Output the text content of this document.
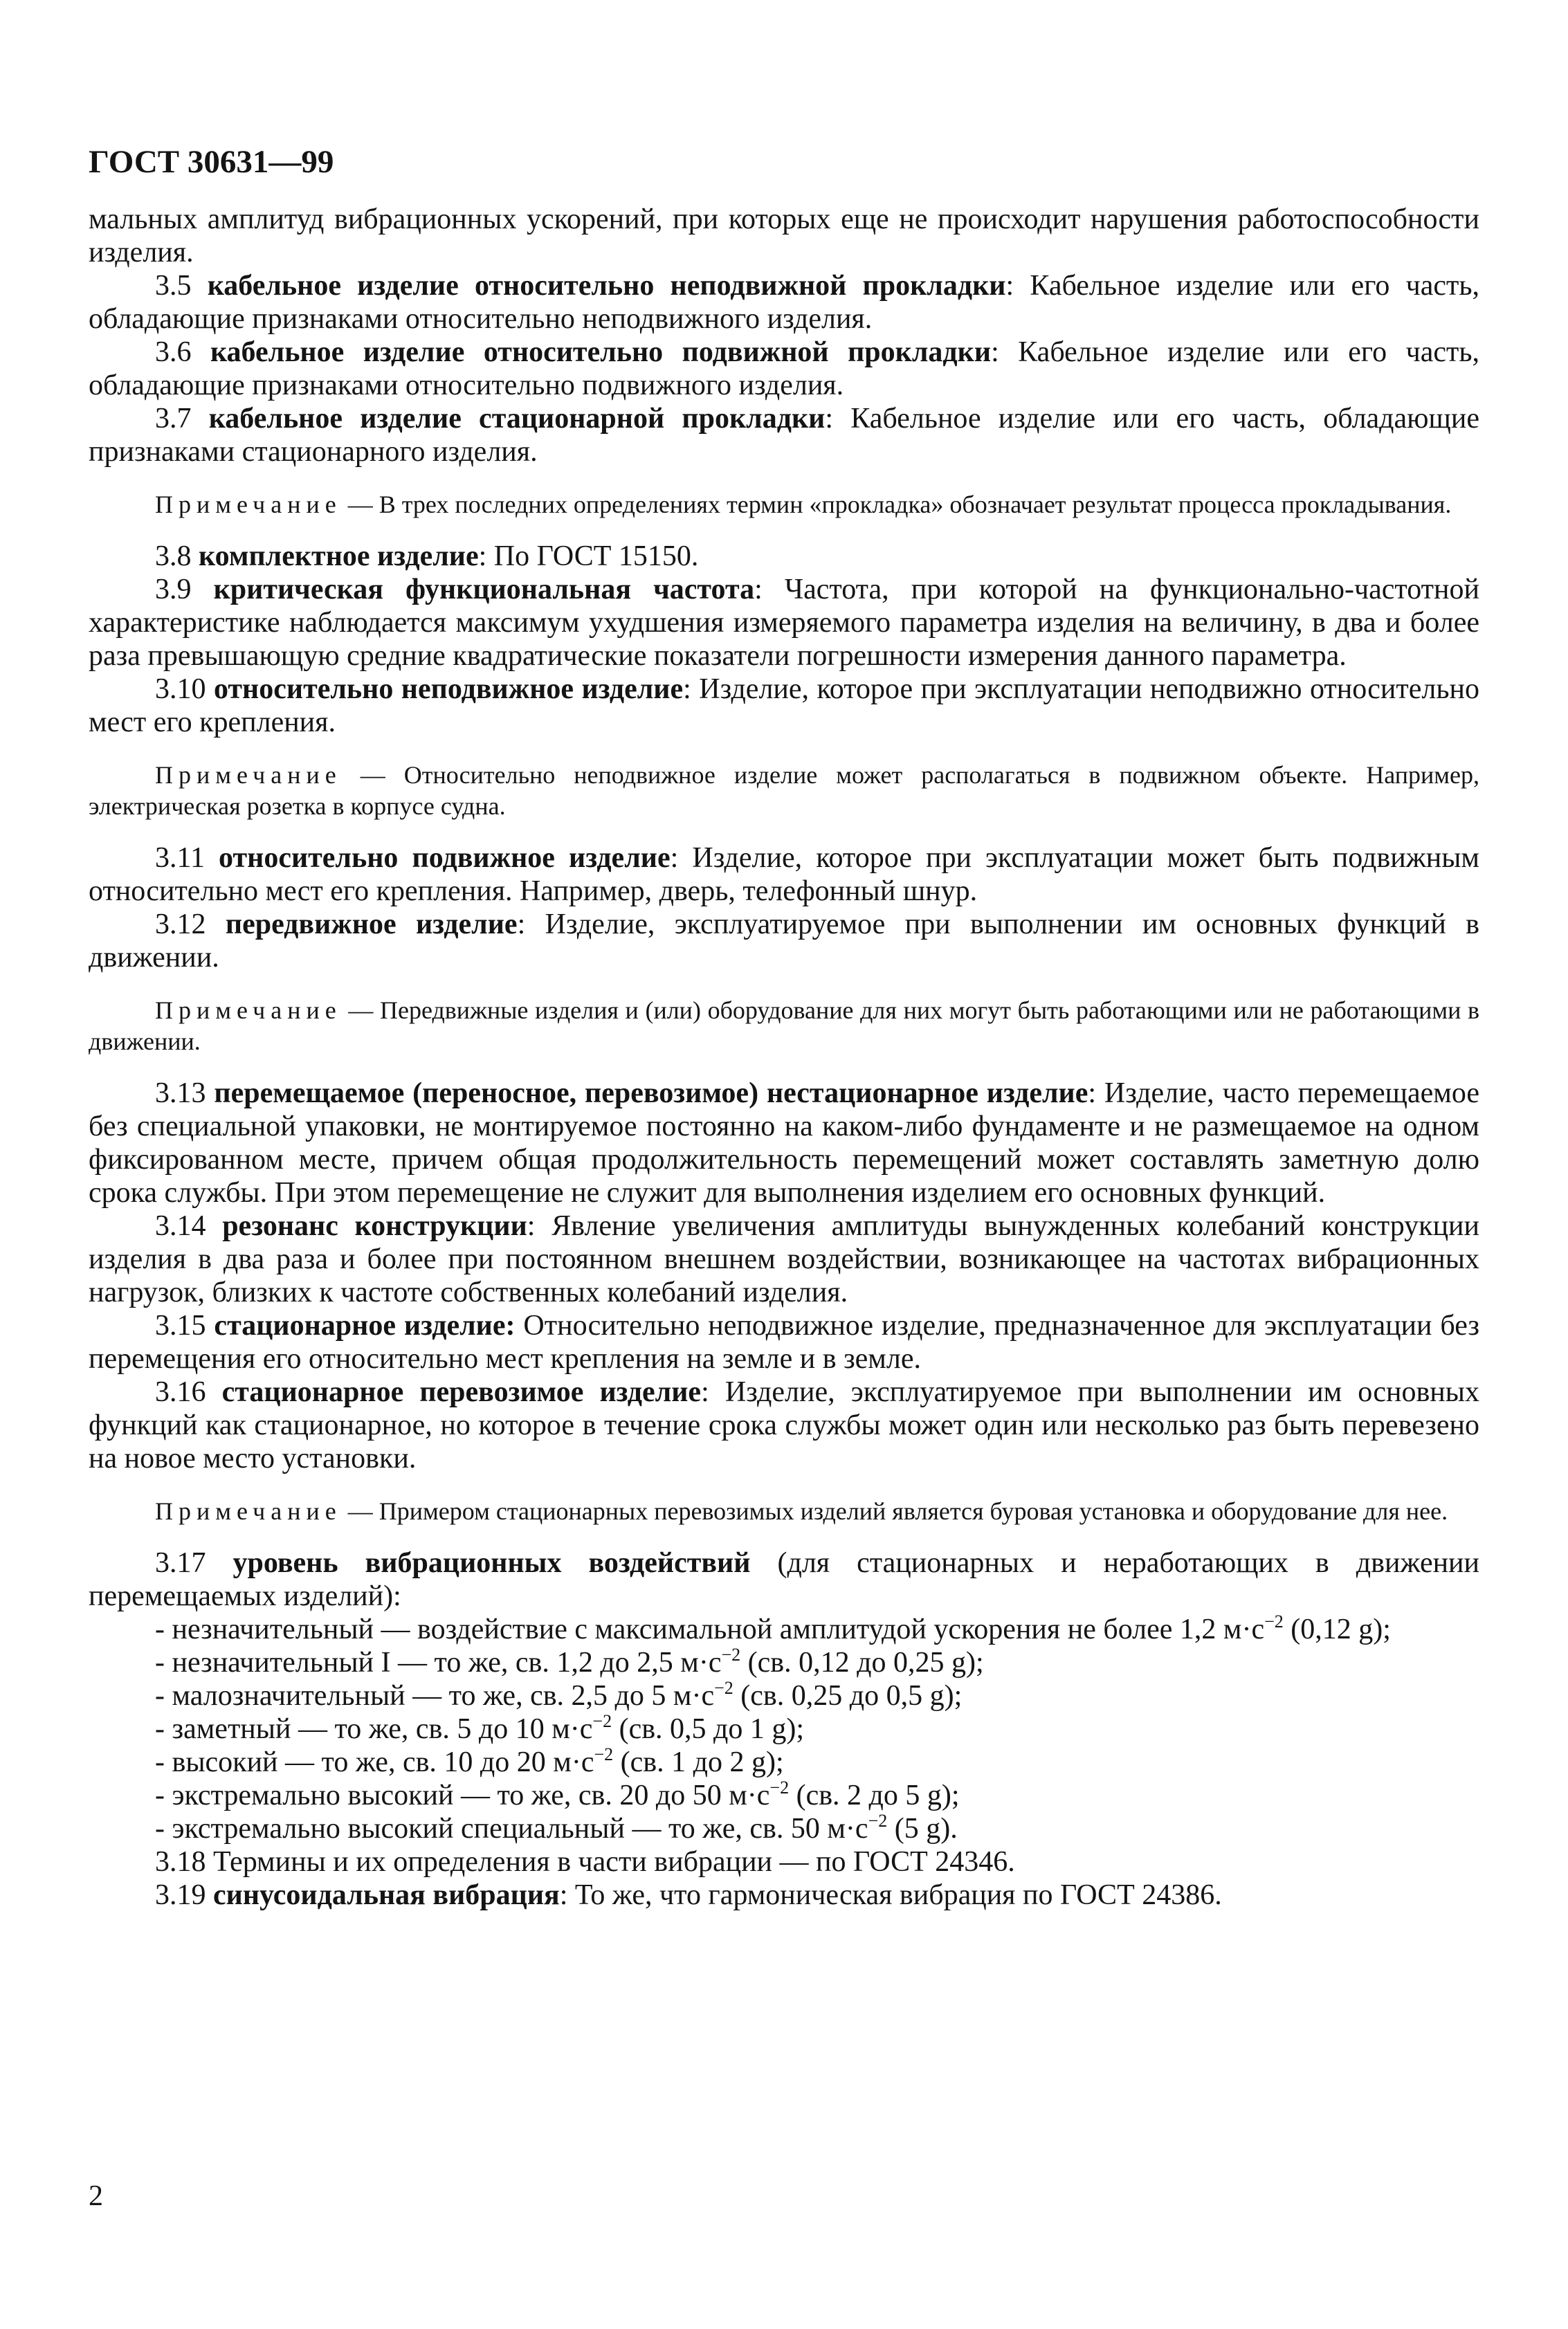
ГОСТ 30631—99

мальных амплитуд вибрационных ускорений, при которых еще не происходит нарушения работоспособности изделия.

3.5 кабельное изделие относительно неподвижной прокладки: Кабельное изделие или его часть, обладающие признаками относительно неподвижного изделия.

3.6 кабельное изделие относительно подвижной прокладки: Кабельное изделие или его часть, обладающие признаками относительно подвижного изделия.

3.7 кабельное изделие стационарной прокладки: Кабельное изделие или его часть, обладающие признаками стационарного изделия.

Примечание — В трех последних определениях термин «прокладка» обозначает результат процесса прокладывания.

3.8 комплектное изделие: По ГОСТ 15150.

3.9 критическая функциональная частота: Частота, при которой на функционально-частотной характеристике наблюдается максимум ухудшения измеряемого параметра изделия на величину, в два и более раза превышающую средние квадратические показатели погрешности измерения данного параметра.

3.10 относительно неподвижное изделие: Изделие, которое при эксплуатации неподвижно относительно мест его крепления.

Примечание — Относительно неподвижное изделие может располагаться в подвижном объекте. Например, электрическая розетка в корпусе судна.

3.11 относительно подвижное изделие: Изделие, которое при эксплуатации может быть подвижным относительно мест его крепления. Например, дверь, телефонный шнур.

3.12 передвижное изделие: Изделие, эксплуатируемое при выполнении им основных функций в движении.

Примечание — Передвижные изделия и (или) оборудование для них могут быть работающими или не работающими в движении.

3.13 перемещаемое (переносное, перевозимое) нестационарное изделие: Изделие, часто перемещаемое без специальной упаковки, не монтируемое постоянно на каком-либо фундаменте и не размещаемое на одном фиксированном месте, причем общая продолжительность перемещений может составлять заметную долю срока службы. При этом перемещение не служит для выполнения изделием его основных функций.

3.14 резонанс конструкции: Явление увеличения амплитуды вынужденных колебаний конструкции изделия в два раза и более при постоянном внешнем воздействии, возникающее на частотах вибрационных нагрузок, близких к частоте собственных колебаний изделия.

3.15 стационарное изделие: Относительно неподвижное изделие, предназначенное для эксплуатации без перемещения его относительно мест крепления на земле и в земле.

3.16 стационарное перевозимое изделие: Изделие, эксплуатируемое при выполнении им основных функций как стационарное, но которое в течение срока службы может один или несколько раз быть перевезено на новое место установки.

Примечание — Примером стационарных перевозимых изделий является буровая установка и оборудование для нее.

3.17 уровень вибрационных воздействий (для стационарных и неработающих в движении перемещаемых изделий):

- незначительный — воздействие с максимальной амплитудой ускорения не более 1,2 $м\cdot с^{-2}$ (0,12 g);

- незначительный I — то же, св. 1,2 до 2,5 $м\cdot с^{-2}$ (св. 0,12 до 0,25 g);

- малозначительный — то же, св. 2,5 до 5 $м\cdot с^{-2}$ (св. 0,25 до 0,5 g);

- заметный — то же, св. 5 до 10 $м\cdot с^{-2}$ (св. 0,5 до 1 g);

- высокий — то же, св. 10 до 20 $м\cdot с^{-2}$ (св. 1 до 2 g);

- экстремально высокий — то же, св. 20 до 50 $м\cdot с^{-2}$ (св. 2 до 5 g);

- экстремально высокий специальный — то же, св. 50 $м\cdot с^{-2}$ (5 g).

3.18 Термины и их определения в части вибрации — по ГОСТ 24346.

3.19 синусоидальная вибрация: То же, что гармоническая вибрация по ГОСТ 24386.

2
